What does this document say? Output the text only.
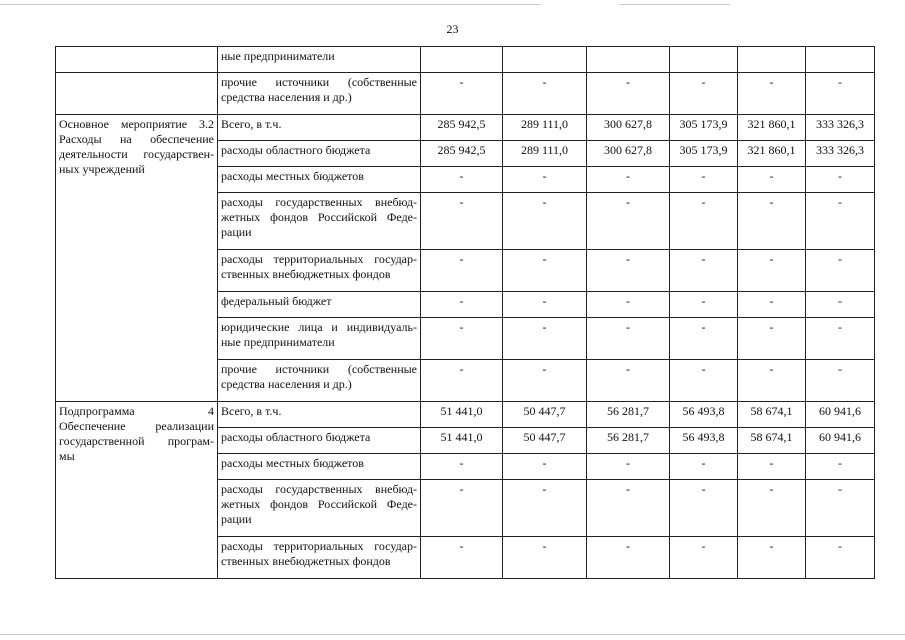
23

	ные предприниматели						

	прочие источники (собственные
средства населения и др.)	-	-	-	-	-	-

Основное мероприятие 3.2
Расходы на обеспечение
деятельности государствен-
ных учреждений	Всего, в т.ч.	285 942,5	289 111,0	300 627,8	305 173,9	321 860,1	333 326,3

	расходы областного бюджета	285 942,5	289 111,0	300 627,8	305 173,9	321 860,1	333 326,3

	расходы местных бюджетов	-	-	-	-	-	-

	расходы государственных внебюд-
жетных фондов Российской Феде-
рации	-	-	-	-	-	-

	расходы территориальных государ-
ственных внебюджетных фондов	-	-	-	-	-	-

	федеральный бюджет	-	-	-	-	-	-

	юридические лица и индивидуаль-
ные предприниматели	-	-	-	-	-	-

	прочие источники (собственные
средства населения и др.)	-	-	-	-	-	-

Подпрограмма 4
Обеспечение реализации
государственной програм-
мы	Всего, в т.ч.	51 441,0	50 447,7	56 281,7	56 493,8	58 674,1	60 941,6

	расходы областного бюджета	51 441,0	50 447,7	56 281,7	56 493,8	58 674,1	60 941,6

	расходы местных бюджетов	-	-	-	-	-	-

	расходы государственных внебюд-
жетных фондов Российской Феде-
рации	-	-	-	-	-	-

	расходы территориальных государ-
ственных внебюджетных фондов	-	-	-	-	-	-
